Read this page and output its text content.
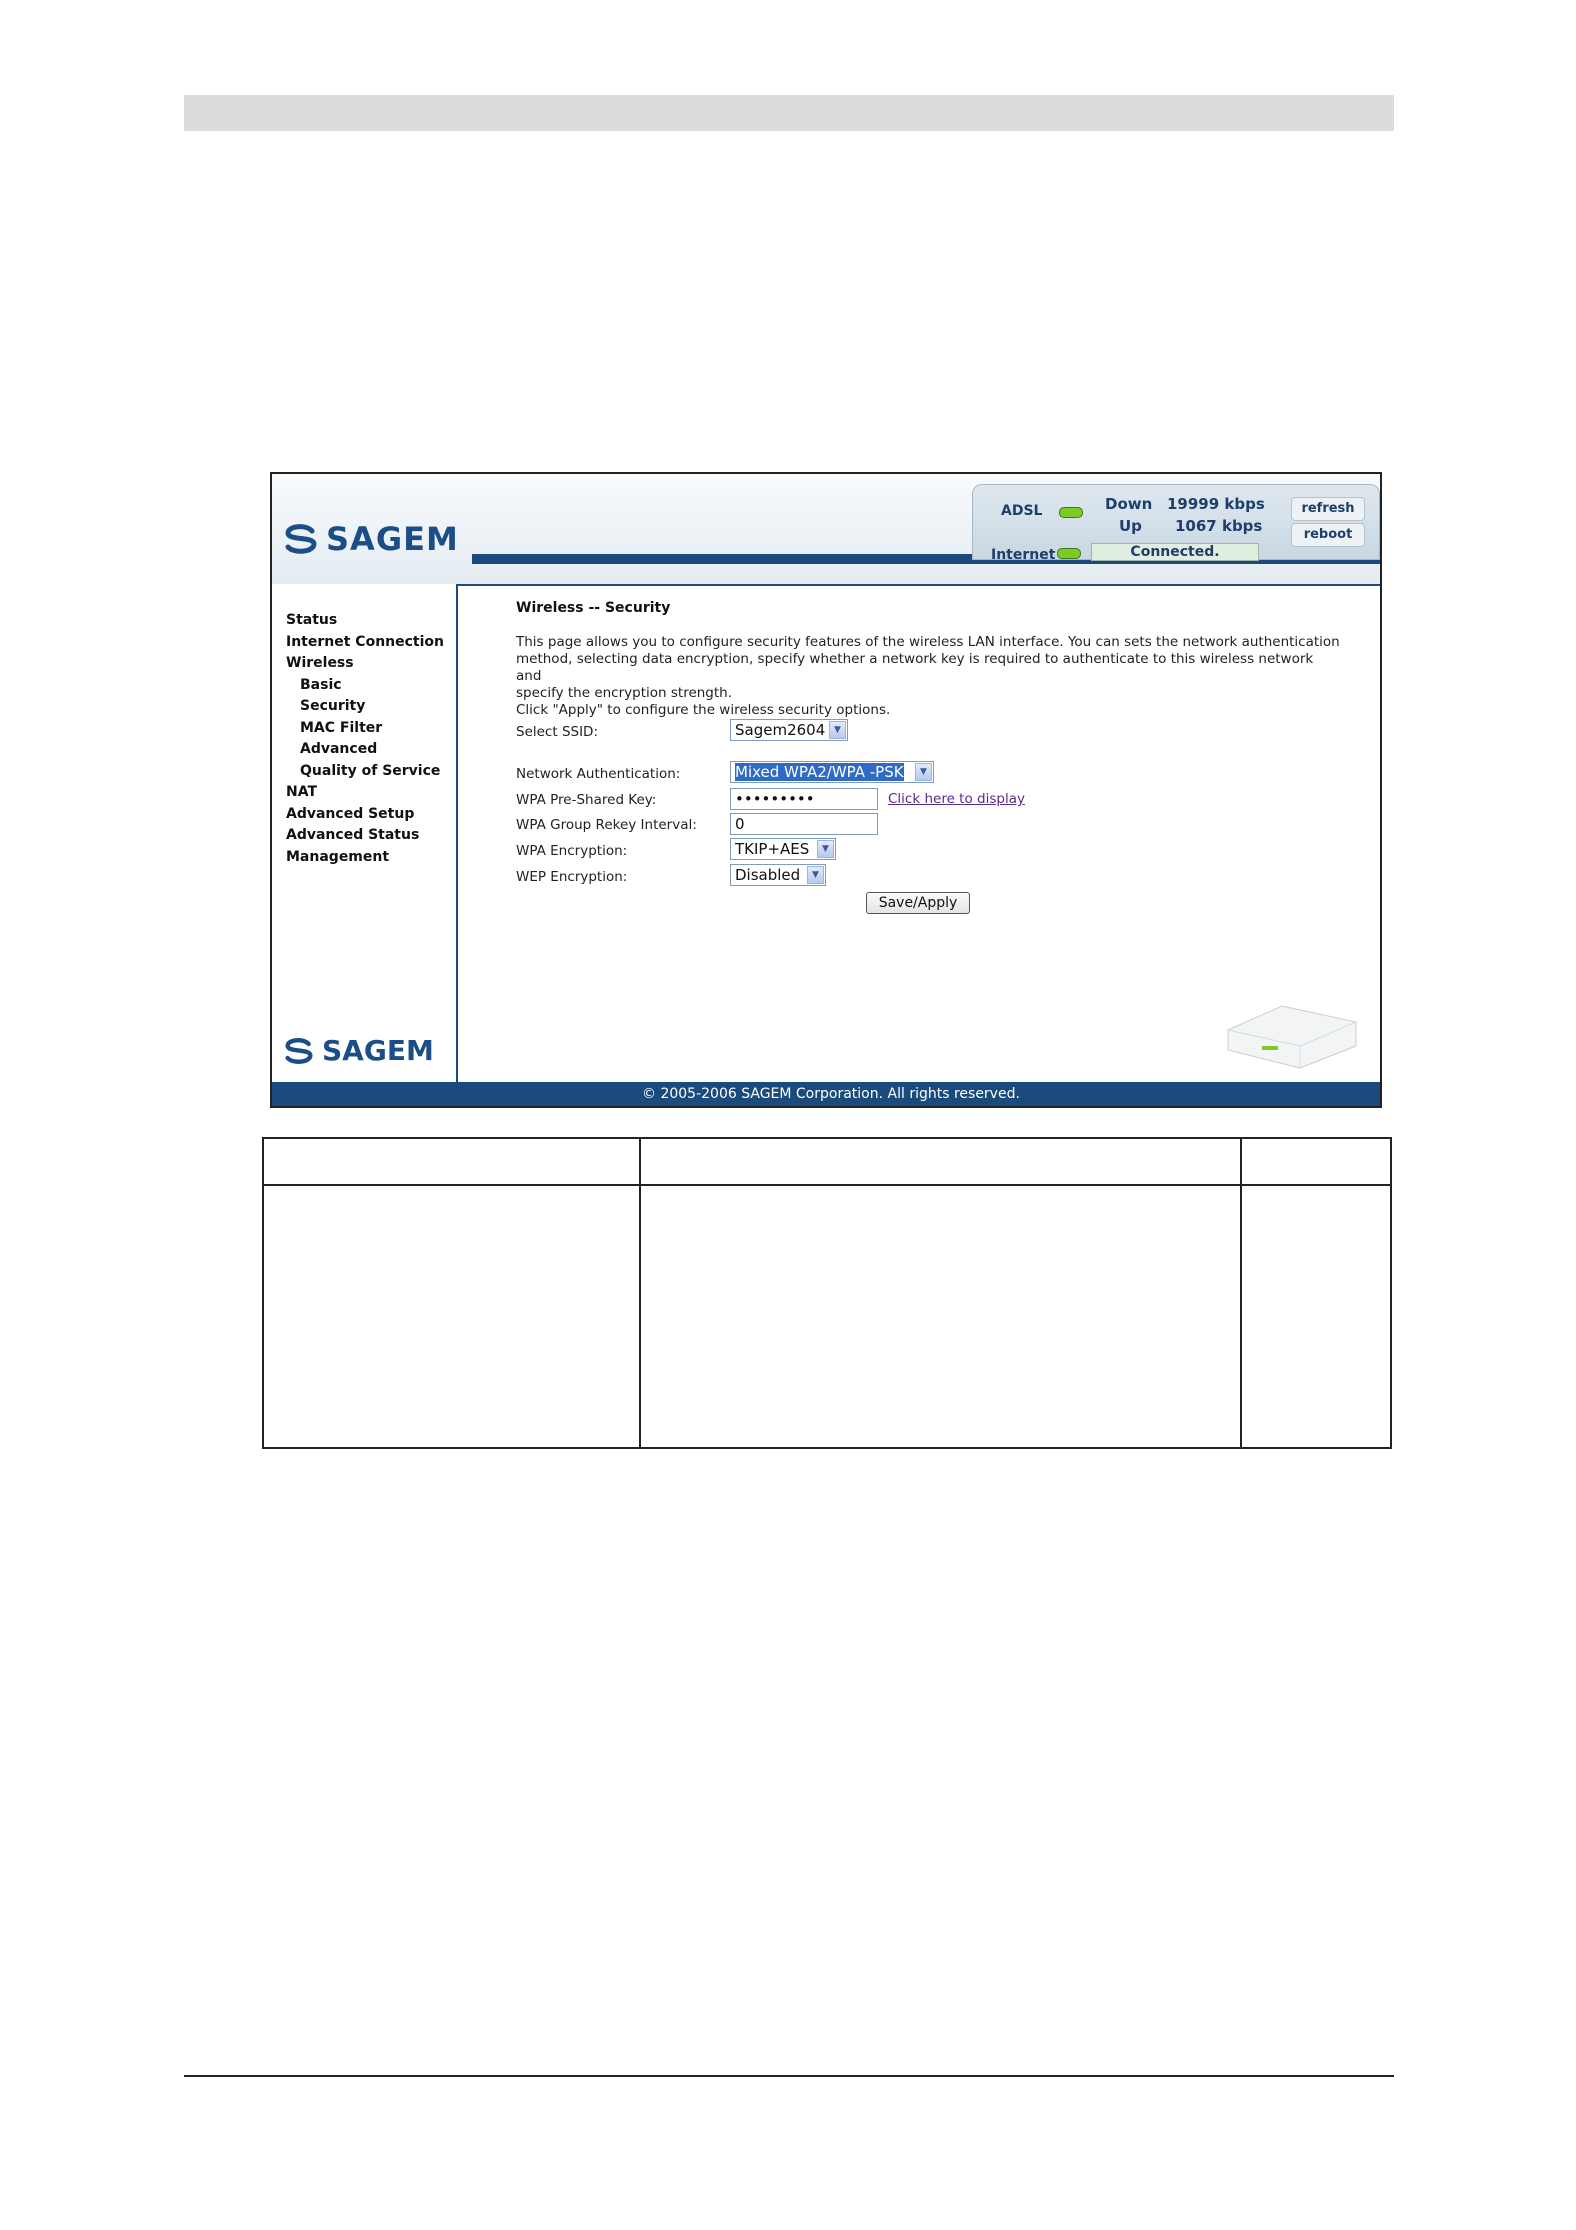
SAGEM
ADSL
Internet
Down 19999 kbps
Up 1067 kbps
Connected.
refresh
reboot
Status
Internet Connection
Wireless
Basic
Security
MAC Filter
Advanced
Quality of Service
NAT
Advanced Setup
Advanced Status
Management
SAGEM
Wireless -- Security
This page allows you to configure security features of the wireless LAN interface. You can sets the network authentication
method, selecting data encryption, specify whether a network key is required to authenticate to this wireless network and
specify the encryption strength.
Click "Apply" to configure the wireless security options.
Select SSID:	Sagem2604 ▼
Network Authentication:	Mixed WPA2/WPA -PSK	▼
WPA Pre-Shared Key:	•••••••••	Click here to display
WPA Group Rekey Interval:	0
WPA Encryption:	TKIP+AES	▼
WEP Encryption:	Disabled	▼
Save/Apply
© 2005-2006 SAGEM Corporation. All rights reserved.
